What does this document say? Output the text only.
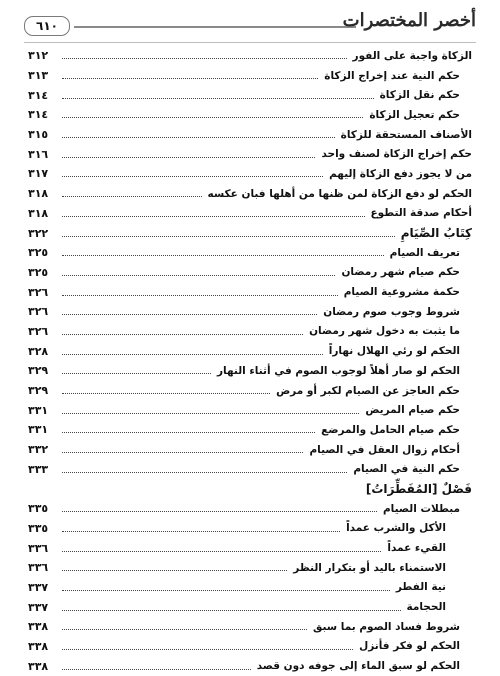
٦١٠	أخصر المختصرات
الزكاة واجبة على الفور
٣١٢
حكم النية عند إخراج الزكاة
٣١٣
حكم نقل الزكاة
٣١٤
حكم تعجيل الزكاة
٣١٤
الأصناف المستحقة للزكاة
٣١٥
حكم إخراج الزكاة لصنف واحد
٣١٦
من لا يجوز دفع الزكاة إليهم
٣١٧
الحكم لو دفع الزكاة لمن ظنها من أهلها فبان عكسه
٣١٨
أحكام صدقة التطوع
٣١٨
كِتَابُ الصِّيَامِ
٣٢٢
تعريف الصيام
٣٢٥
حكم صيام شهر رمضان
٣٢٥
حكمة مشروعية الصيام
٣٢٦
شروط وجوب صوم رمضان
٣٢٦
ما يثبت به دخول شهر رمضان
٣٢٦
الحكم لو رئي الهلال نهاراً
٣٢٨
الحكم لو صار أهلاً لوجوب الصوم في أثناء النهار
٣٢٩
حكم العاجز عن الصيام لكبر أو مرض
٣٢٩
حكم صيام المريض
٣٣١
حكم صيام الحامل والمرضع
٣٣١
أحكام زوال العقل في الصيام
٣٣٢
حكم النية في الصيام
٣٣٣
فَصْلٌ [المُفَطِّرَاتُ]
مبطلات الصيام
٣٣٥
الأكل والشرب عمداً
٣٣٥
القيء عمداً
٣٣٦
الاستمناء باليد أو بتكرار النظر
٣٣٦
نية الفطر
٣٣٧
الحجامة
٣٣٧
شروط فساد الصوم بما سبق
٣٣٨
الحكم لو فكر فأنزل
٣٣٨
الحكم لو سبق الماء إلى جوفه دون قصد
٣٣٨
